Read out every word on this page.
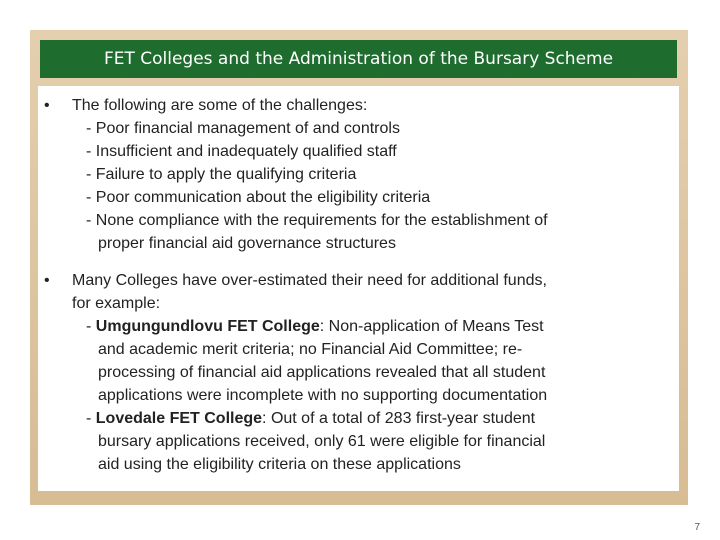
FET Colleges and the Administration of the Bursary Scheme
• The following are some of the challenges:
- Poor financial management of and controls
- Insufficient and inadequately qualified staff
- Failure to apply the qualifying criteria
- Poor communication about the eligibility criteria
- None compliance with the requirements for the establishment of
proper financial aid governance structures
• Many Colleges have over-estimated their need for additional funds,
for example:
- Umgungundlovu FET College: Non-application of Means Test
and academic merit criteria; no Financial Aid Committee; re-
processing of financial aid applications revealed that all student
applications were incomplete with no supporting documentation
- Lovedale FET College: Out of a total of 283 first-year student
bursary applications received, only 61 were eligible for financial
aid using the eligibility criteria on these applications
7
